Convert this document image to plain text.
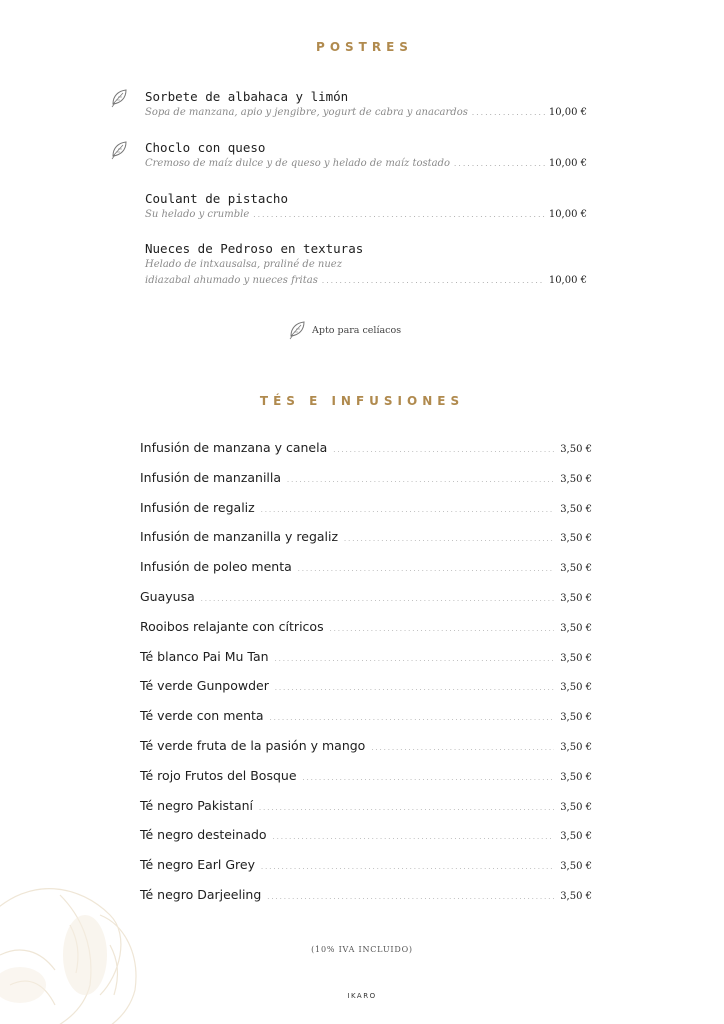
POSTRES
Sorbete de albahaca y limón
Sopa de manzana, apio y jengibre, yogurt de cabra y anacardos . . .	10,00 €
Choclo con queso
Cremoso de maíz dulce y de queso y helado de maíz tostado . . .	10,00 €
Coulant de pistacho
Su helado y crumble . . .	10,00 €
Nueces de Pedroso en texturas
Helado de intxausalsa, praliné de nuez
idiazabal ahumado y nueces fritas . . .	10,00 €
Apto para celíacos
TÉS E INFUSIONES
Infusión de manzana y canela . . .	3,50 €
Infusión de manzanilla . . .	3,50 €
Infusión de regaliz . . .	3,50 €
Infusión de manzanilla y regaliz . . .	3,50 €
Infusión de poleo menta . . .	3,50 €
Guayusa . . .	3,50 €
Rooibos relajante con cítricos . . .	3,50 €
Té blanco Pai Mu Tan . . .	3,50 €
Té verde Gunpowder . . .	3,50 €
Té verde con menta . . .	3,50 €
Té verde fruta de la pasión y mango . . .	3,50 €
Té rojo Frutos del Bosque . . .	3,50 €
Té negro Pakistaní . . .	3,50 €
Té negro desteinado . . .	3,50 €
Té negro Earl Grey . . .	3,50 €
Té negro Darjeeling . . .	3,50 €
(10% IVA INCLUIDO)
IKARO
